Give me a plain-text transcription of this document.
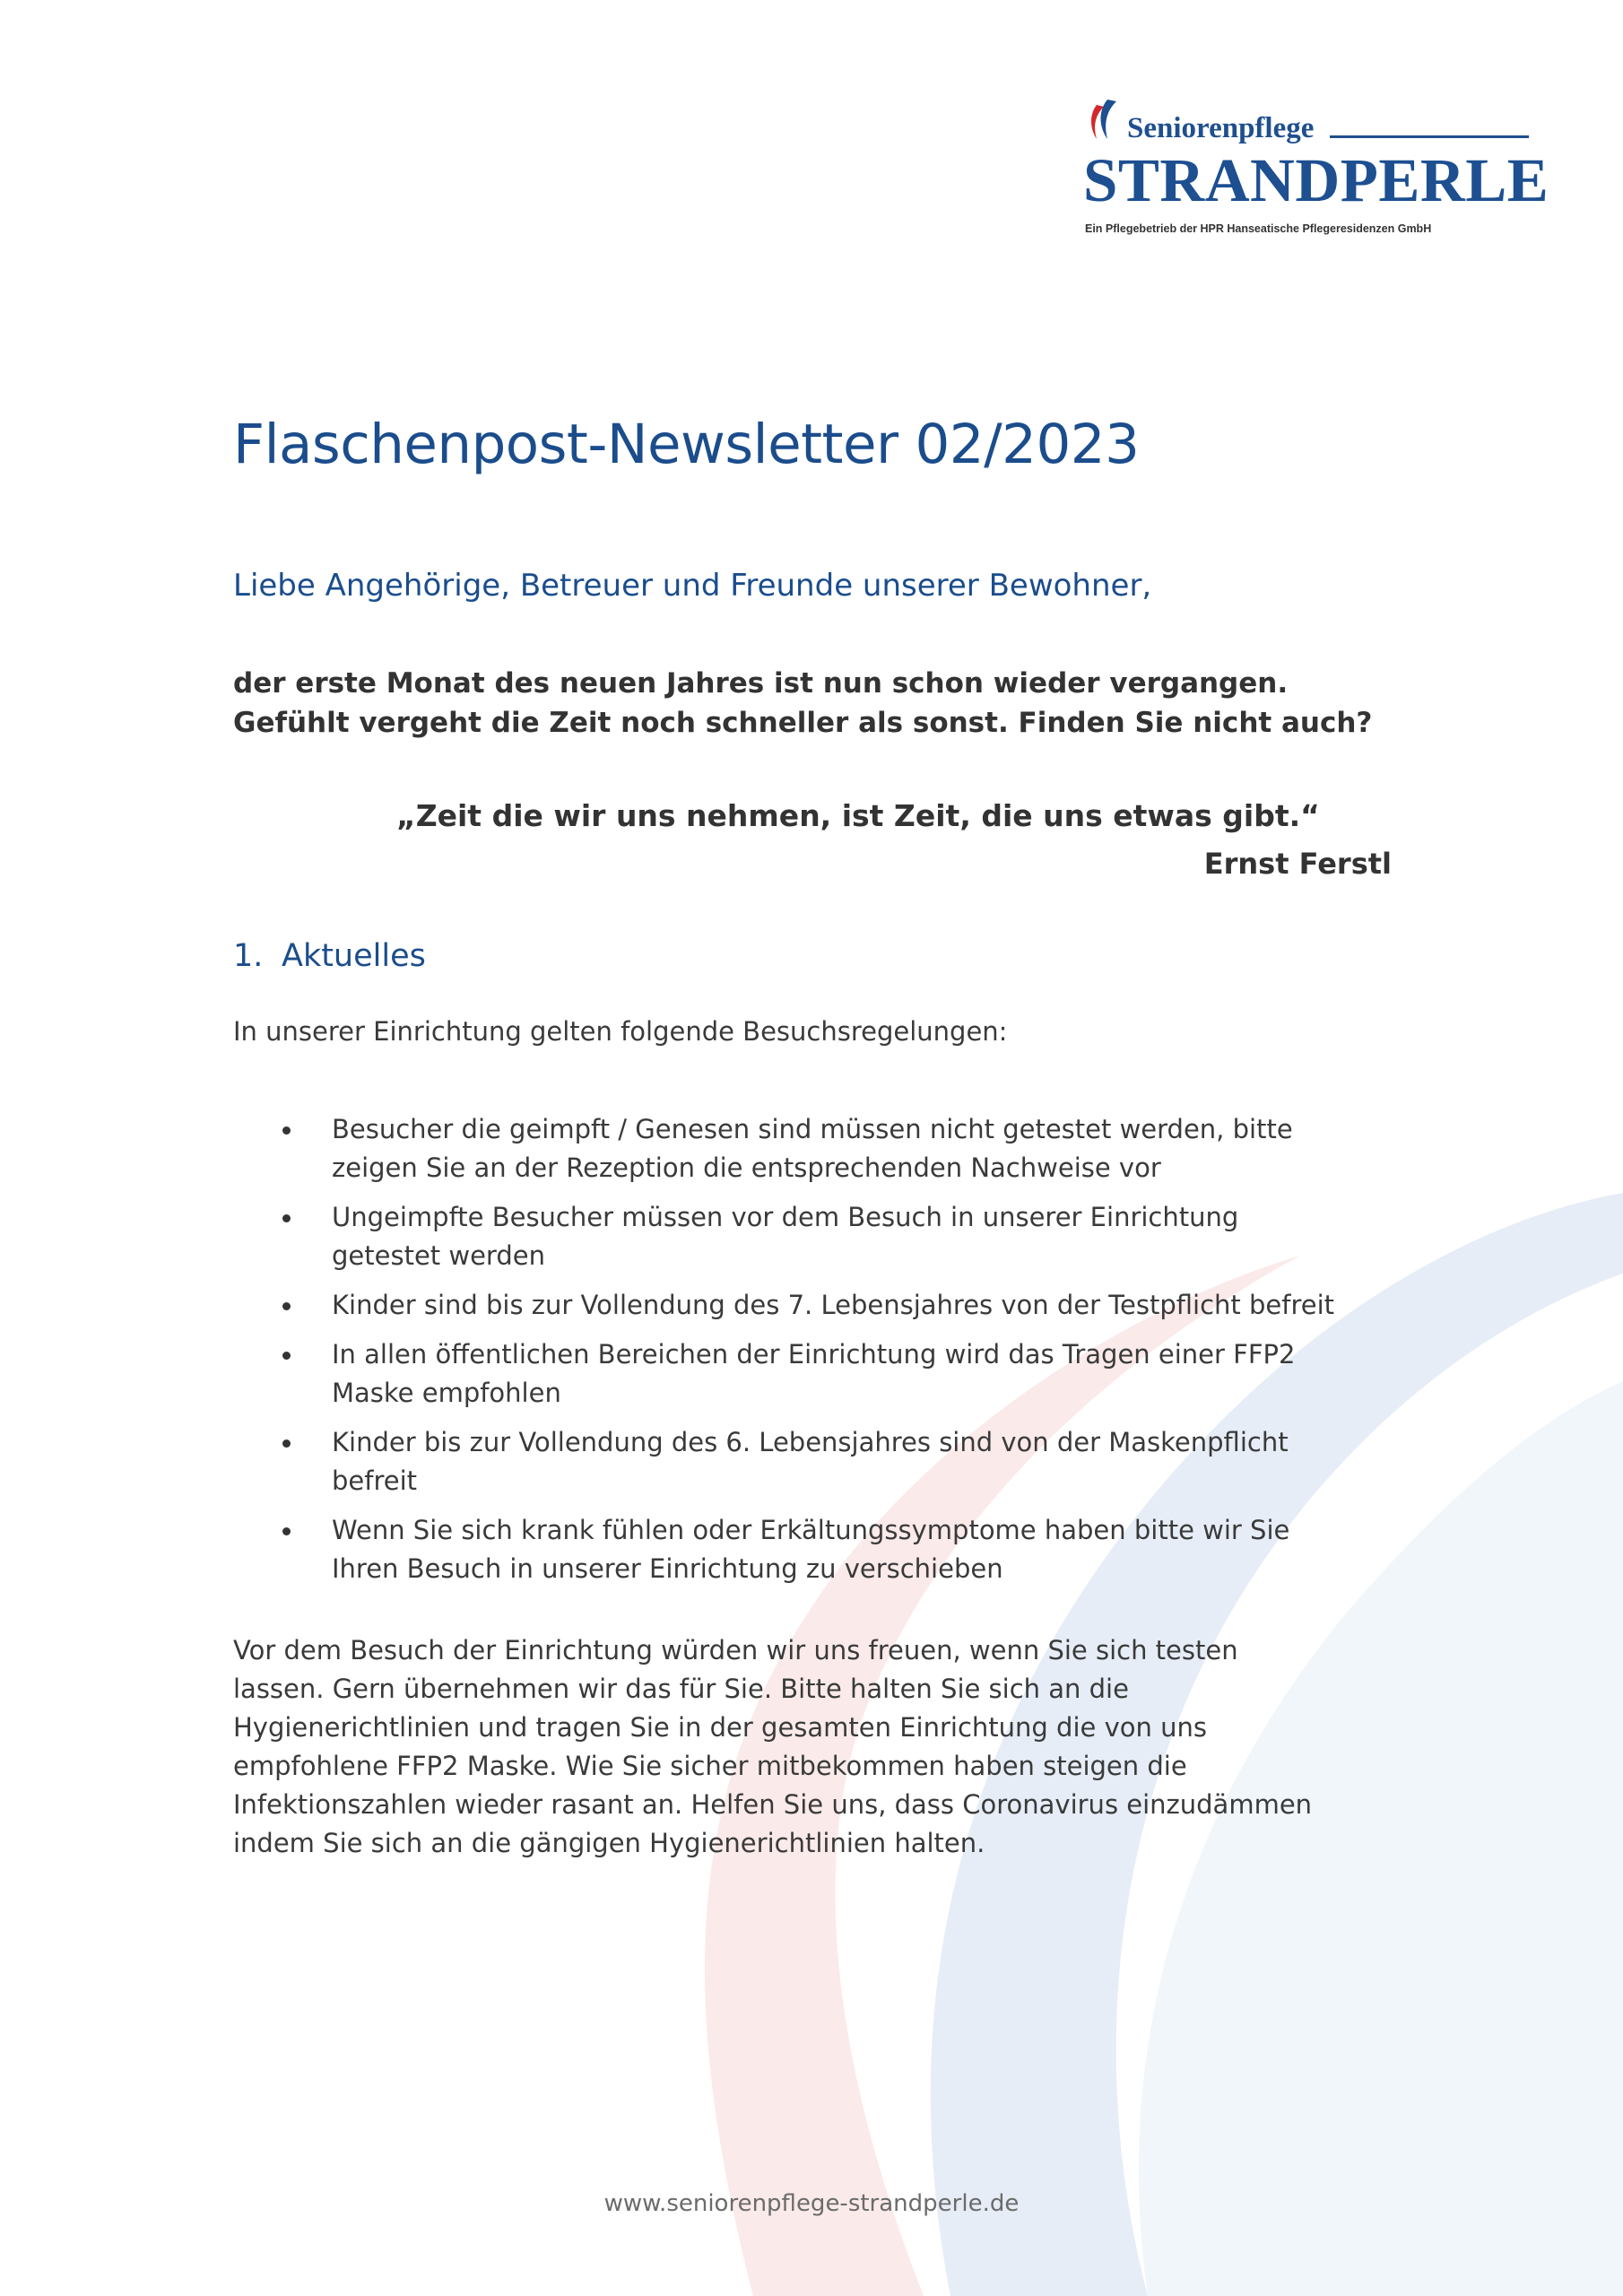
Seniorenpflege
STRANDPERLE
Ein Pflegebetrieb der HPR Hanseatische Pflegeresidenzen GmbH
Flaschenpost-Newsletter 02/2023
Liebe Angehörige, Betreuer und Freunde unserer Bewohner,
der erste Monat des neuen Jahres ist nun schon wieder vergangen.
Gefühlt vergeht die Zeit noch schneller als sonst. Finden Sie nicht auch?
„Zeit die wir uns nehmen, ist Zeit, die uns etwas gibt.“
Ernst Ferstl
1. Aktuelles
In unserer Einrichtung gelten folgende Besuchsregelungen:
Besucher die geimpft / Genesen sind müssen nicht getestet werden, bitte
zeigen Sie an der Rezeption die entsprechenden Nachweise vor
Ungeimpfte Besucher müssen vor dem Besuch in unserer Einrichtung
getestet werden
Kinder sind bis zur Vollendung des 7. Lebensjahres von der Testpflicht befreit
In allen öffentlichen Bereichen der Einrichtung wird das Tragen einer FFP2
Maske empfohlen
Kinder bis zur Vollendung des 6. Lebensjahres sind von der Maskenpflicht
befreit
Wenn Sie sich krank fühlen oder Erkältungssymptome haben bitte wir Sie
Ihren Besuch in unserer Einrichtung zu verschieben
Vor dem Besuch der Einrichtung würden wir uns freuen, wenn Sie sich testen
lassen. Gern übernehmen wir das für Sie. Bitte halten Sie sich an die
Hygienerichtlinien und tragen Sie in der gesamten Einrichtung die von uns
empfohlene FFP2 Maske. Wie Sie sicher mitbekommen haben steigen die
Infektionszahlen wieder rasant an. Helfen Sie uns, dass Coronavirus einzudämmen
indem Sie sich an die gängigen Hygienerichtlinien halten.
www.seniorenpflege-strandperle.de
